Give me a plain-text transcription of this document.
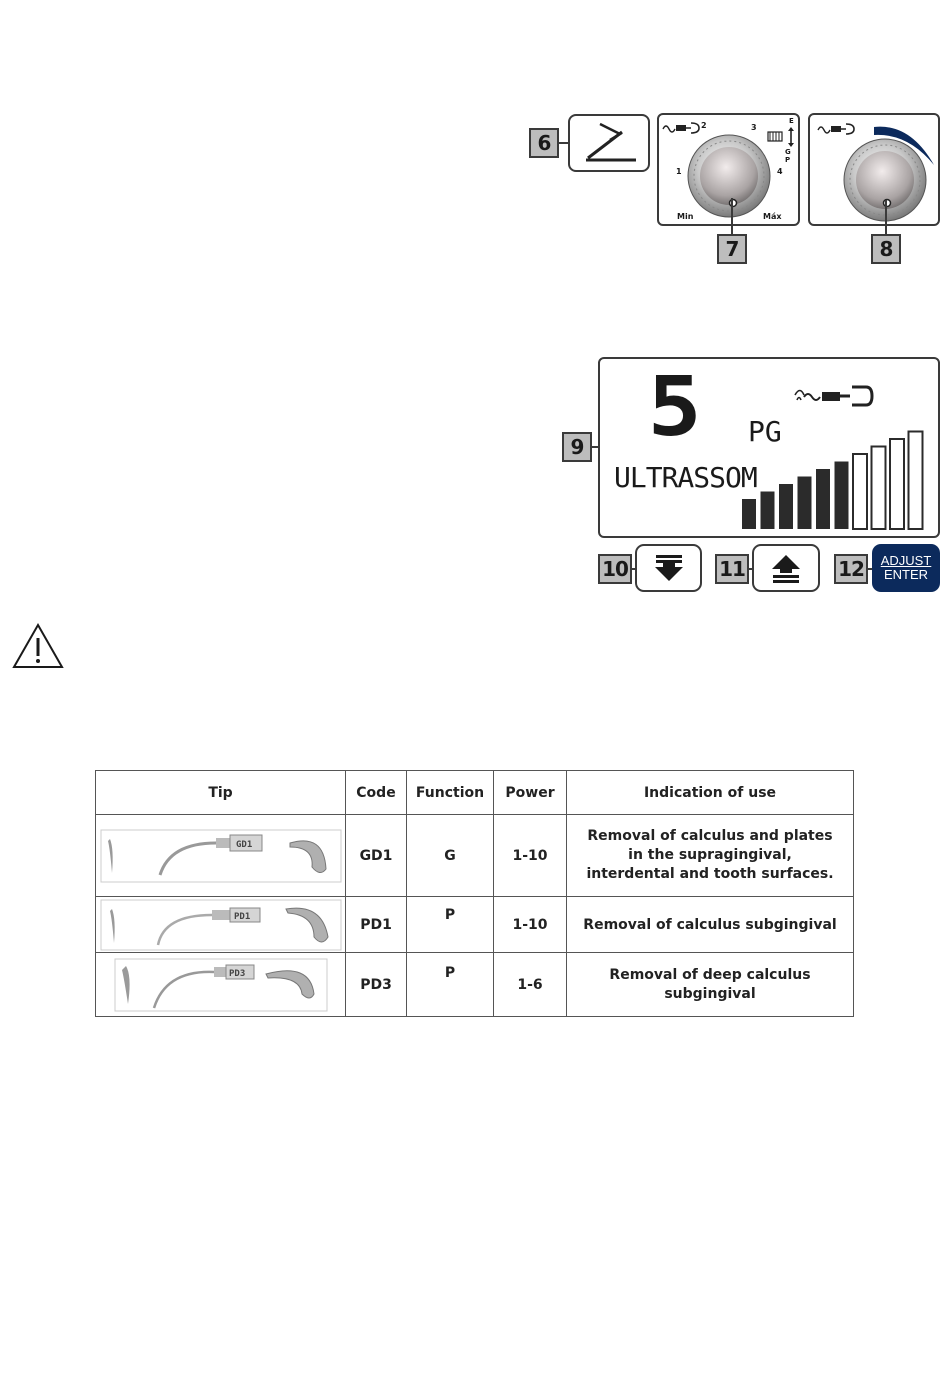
6
2	3
1	4
Min	Máx
E
G P
7	8
9 5 PG
ULTRASSOM
10	11	12	ADJUST
ENTER
Tip	Code	Function	Power	Indication of use

GD1	GD1	G	1-10	Removal of calculus and plates in the supragingival, interdental and tooth surfaces.

PD1	PD1	P	1-10	Removal of calculus subgingival

PD3	PD3	P	1-6	Removal of deep calculus subgingival
